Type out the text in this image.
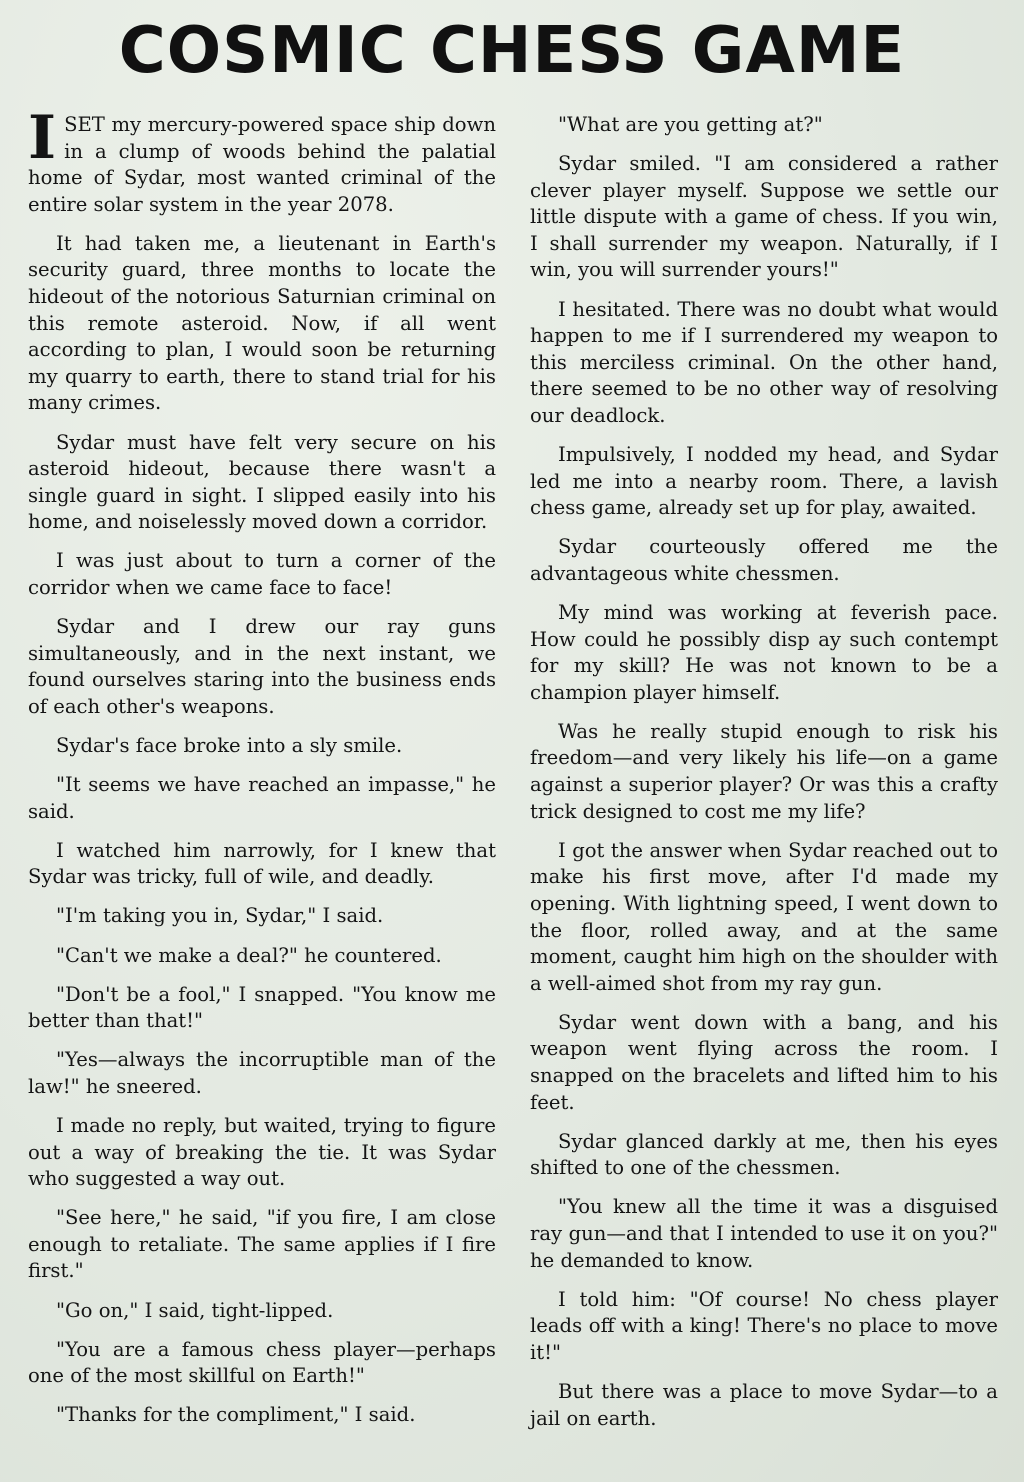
COSMIC CHESS GAME

ISET my mercury-powered space ship down in a clump of woods behind the palatial home of Sydar, most wanted criminal of the entire solar system in the year 2078.

It had taken me, a lieutenant in Earth's security guard, three months to locate the hideout of the notorious Saturnian criminal on this remote asteroid. Now, if all went according to plan, I would soon be returning my quarry to earth, there to stand trial for his many crimes.

Sydar must have felt very secure on his asteroid hideout, because there wasn't a single guard in sight. I slipped easily into his home, and noiselessly moved down a corridor.

I was just about to turn a corner of the corridor when we came face to face!

Sydar and I drew our ray guns simultaneously, and in the next instant, we found ourselves staring into the business ends of each other's weapons.

Sydar's face broke into a sly smile.

"It seems we have reached an impasse," he said.

I watched him narrowly, for I knew that Sydar was tricky, full of wile, and deadly.

"I'm taking you in, Sydar," I said.

"Can't we make a deal?" he countered.

"Don't be a fool," I snapped. "You know me better than that!"

"Yes—always the incorruptible man of the law!" he sneered.

I made no reply, but waited, trying to figure out a way of breaking the tie. It was Sydar who suggested a way out.

"See here," he said, "if you fire, I am close enough to retaliate. The same applies if I fire first."

"Go on," I said, tight-lipped.

"You are a famous chess player—perhaps one of the most skillful on Earth!"

"Thanks for the compliment," I said.

"What are you getting at?"

Sydar smiled. "I am considered a rather clever player myself. Suppose we settle our little dispute with a game of chess. If you win, I shall surrender my weapon. Naturally, if I win, you will surrender yours!"

I hesitated. There was no doubt what would happen to me if I surrendered my weapon to this merciless criminal. On the other hand, there seemed to be no other way of resolving our deadlock.

Impulsively, I nodded my head, and Sydar led me into a nearby room. There, a lavish chess game, already set up for play, awaited.

Sydar courteously offered me the advantageous white chessmen.

My mind was working at feverish pace. How could he possibly disp ay such contempt for my skill? He was not known to be a champion player himself.

Was he really stupid enough to risk his freedom—and very likely his life—on a game against a superior player? Or was this a crafty trick designed to cost me my life?

I got the answer when Sydar reached out to make his first move, after I'd made my opening. With lightning speed, I went down to the floor, rolled away, and at the same moment, caught him high on the shoulder with a well-aimed shot from my ray gun.

Sydar went down with a bang, and his weapon went flying across the room. I snapped on the bracelets and lifted him to his feet.

Sydar glanced darkly at me, then his eyes shifted to one of the chessmen.

"You knew all the time it was a disguised ray gun—and that I intended to use it on you?" he demanded to know.

I told him: "Of course! No chess player leads off with a king! There's no place to move it!"

But there was a place to move Sydar—to a jail on earth.
